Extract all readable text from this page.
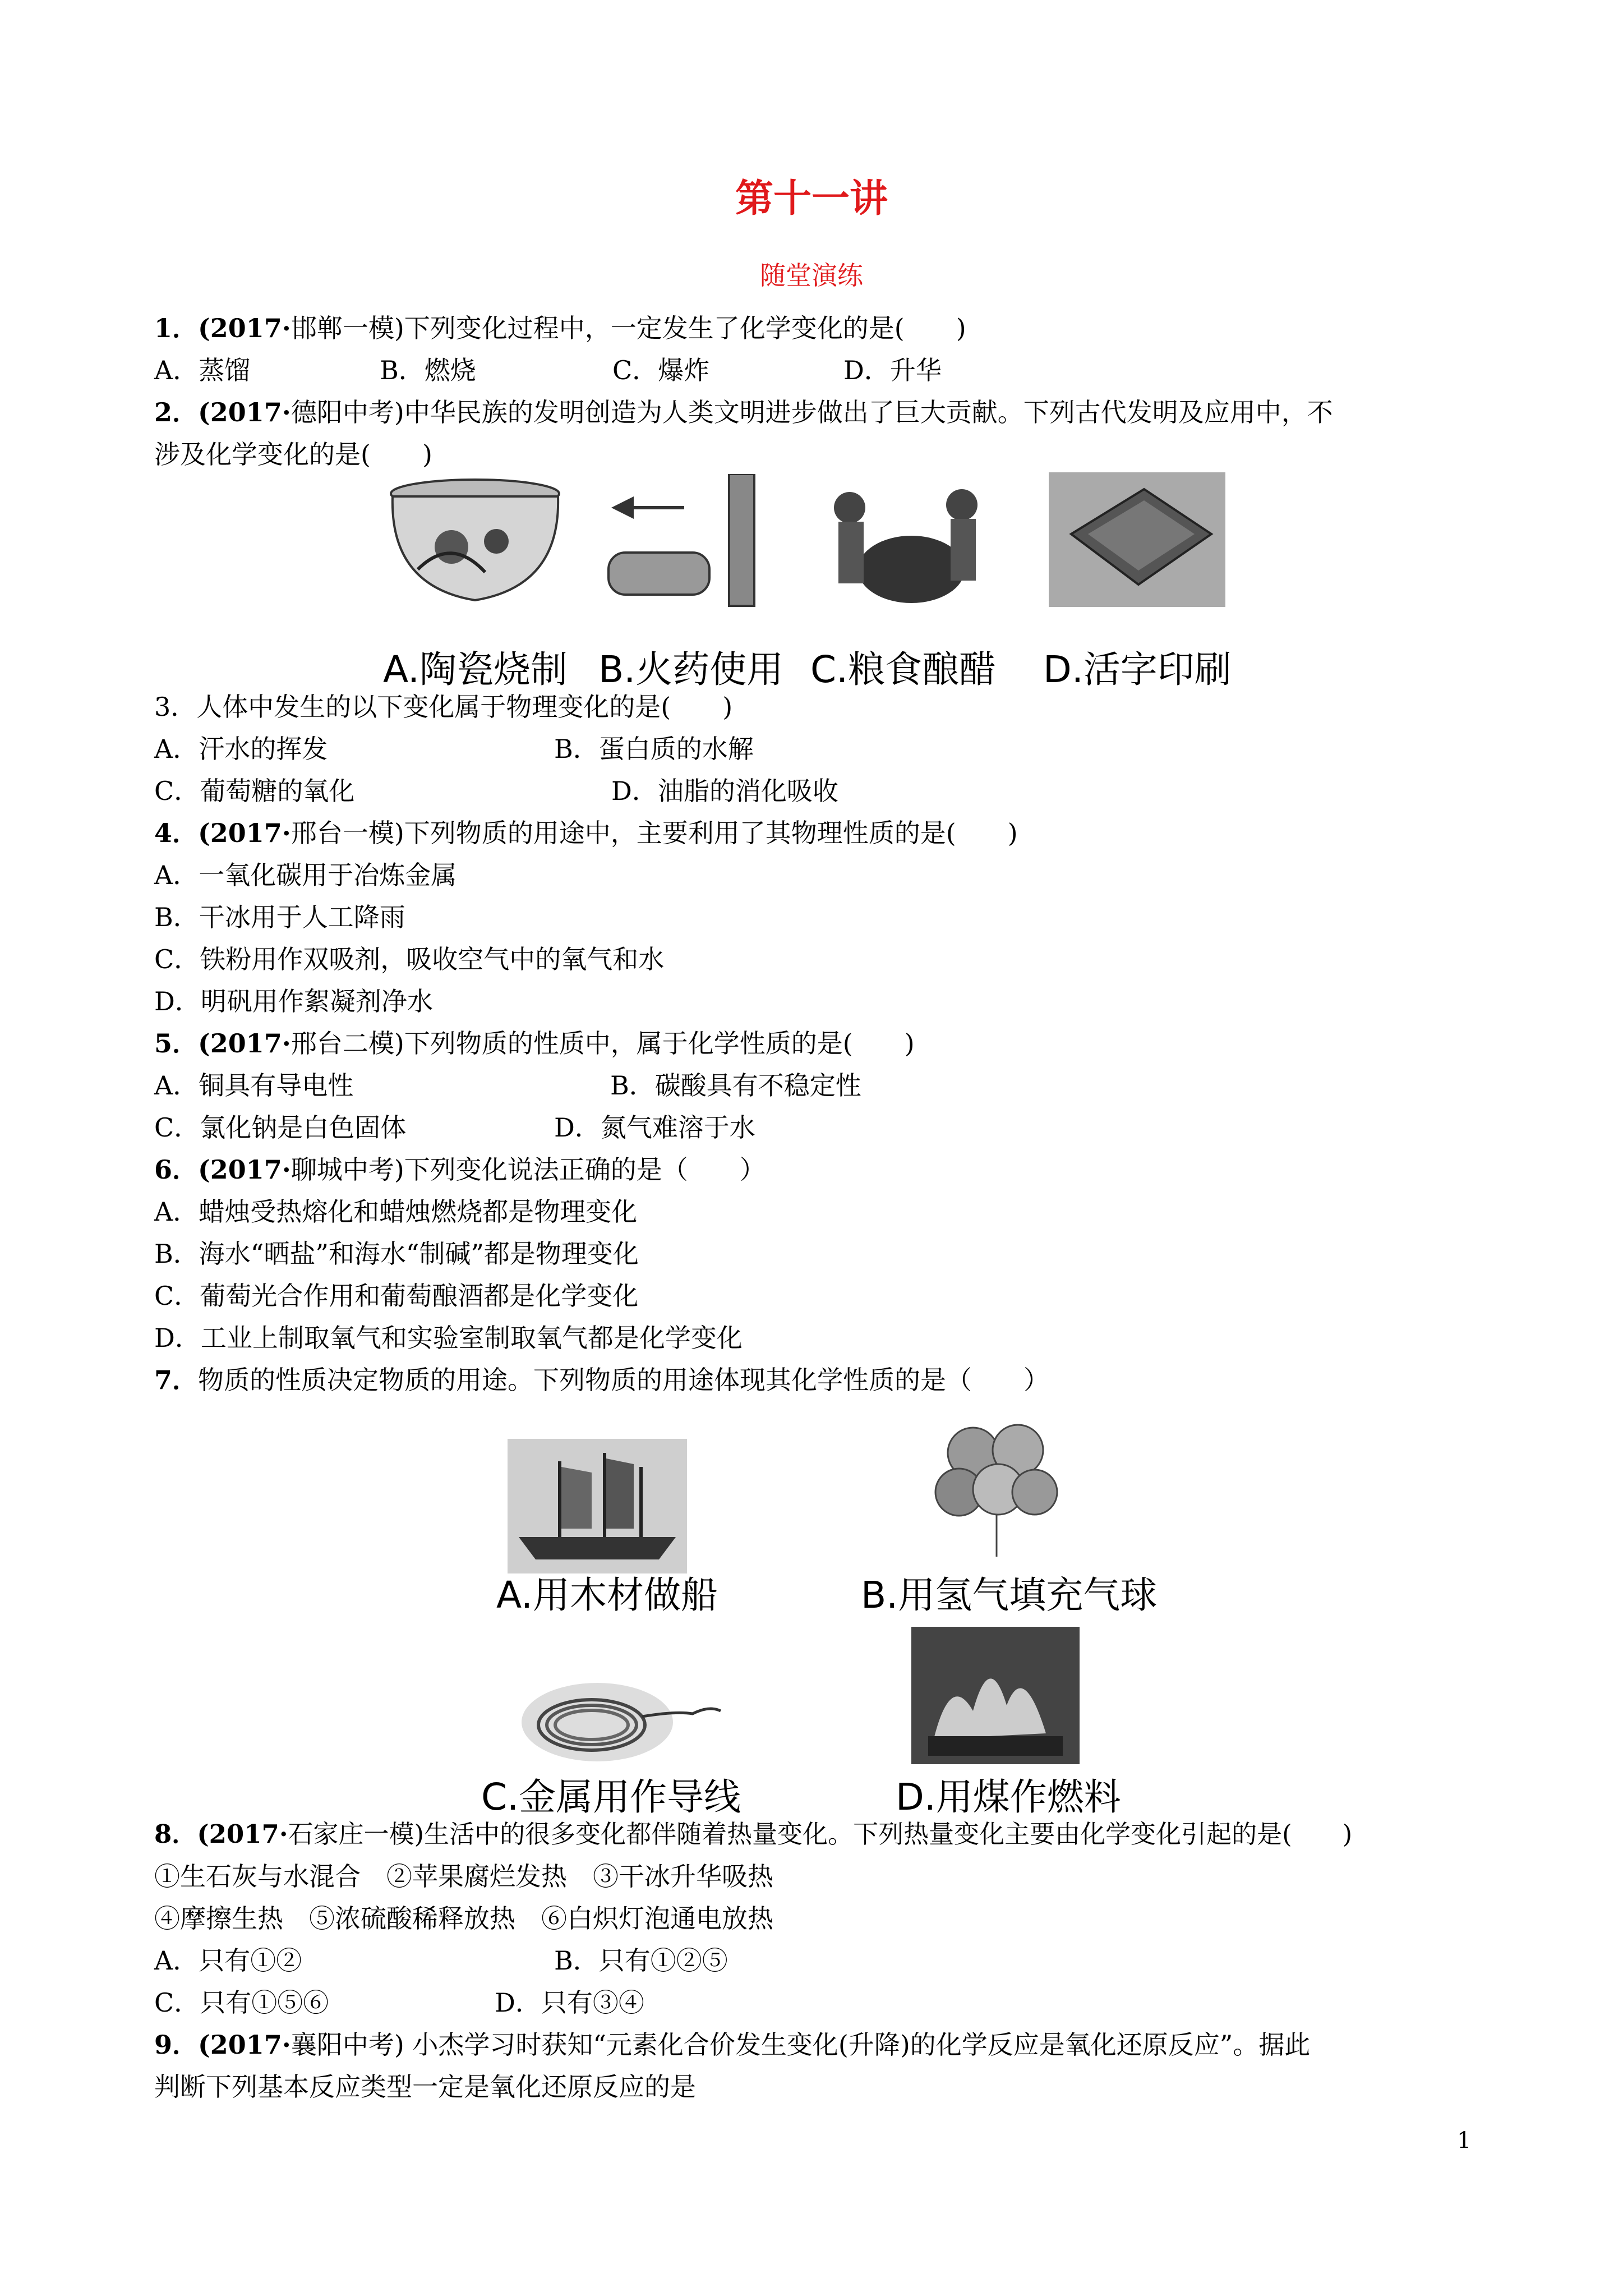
第十一讲
随堂演练
1．(2017·邯郸一模)下列变化过程中，一定发生了化学变化的是(　　)
A．蒸馏	B．燃烧	C．爆炸	D．升华
2．(2017·德阳中考)中华民族的发明创造为人类文明进步做出了巨大贡献。下列古代发明及应用中，不
涉及化学变化的是(　　)
A.陶瓷烧制 B.火药使用 C.粮食酿醋 D.活字印刷
3．人体中发生的以下变化属于物理变化的是(　　)
A．汗水的挥发	B．蛋白质的水解
C．葡萄糖的氧化	D．油脂的消化吸收
4．(2017·邢台一模)下列物质的用途中，主要利用了其物理性质的是(　　)
A．一氧化碳用于冶炼金属
B．干冰用于人工降雨
C．铁粉用作双吸剂，吸收空气中的氧气和水
D．明矾用作絮凝剂净水
5．(2017·邢台二模)下列物质的性质中，属于化学性质的是(　　)
A．铜具有导电性	B．碳酸具有不稳定性
C．氯化钠是白色固体	D．氮气难溶于水
6．(2017·聊城中考)下列变化说法正确的是（　　）
A．蜡烛受热熔化和蜡烛燃烧都是物理变化
B．海水“晒盐”和海水“制碱”都是物理变化
C．葡萄光合作用和葡萄酿酒都是化学变化
D．工业上制取氧气和实验室制取氧气都是化学变化
7．物质的性质决定物质的用途。下列物质的用途体现其化学性质的是（　　）
A.用木材做船	B.用氢气填充气球
C.金属用作导线	D.用煤作燃料
8．(2017·石家庄一模)生活中的很多变化都伴随着热量变化。下列热量变化主要由化学变化引起的是(　　)
①生石灰与水混合　②苹果腐烂发热　③干冰升华吸热
④摩擦生热　⑤浓硫酸稀释放热　⑥白炽灯泡通电放热
A．只有①②	B．只有①②⑤
C．只有①⑤⑥	D．只有③④
9．(2017·襄阳中考) 小杰学习时获知“元素化合价发生变化(升降)的化学反应是氧化还原反应”。据此
判断下列基本反应类型一定是氧化还原反应的是
1
